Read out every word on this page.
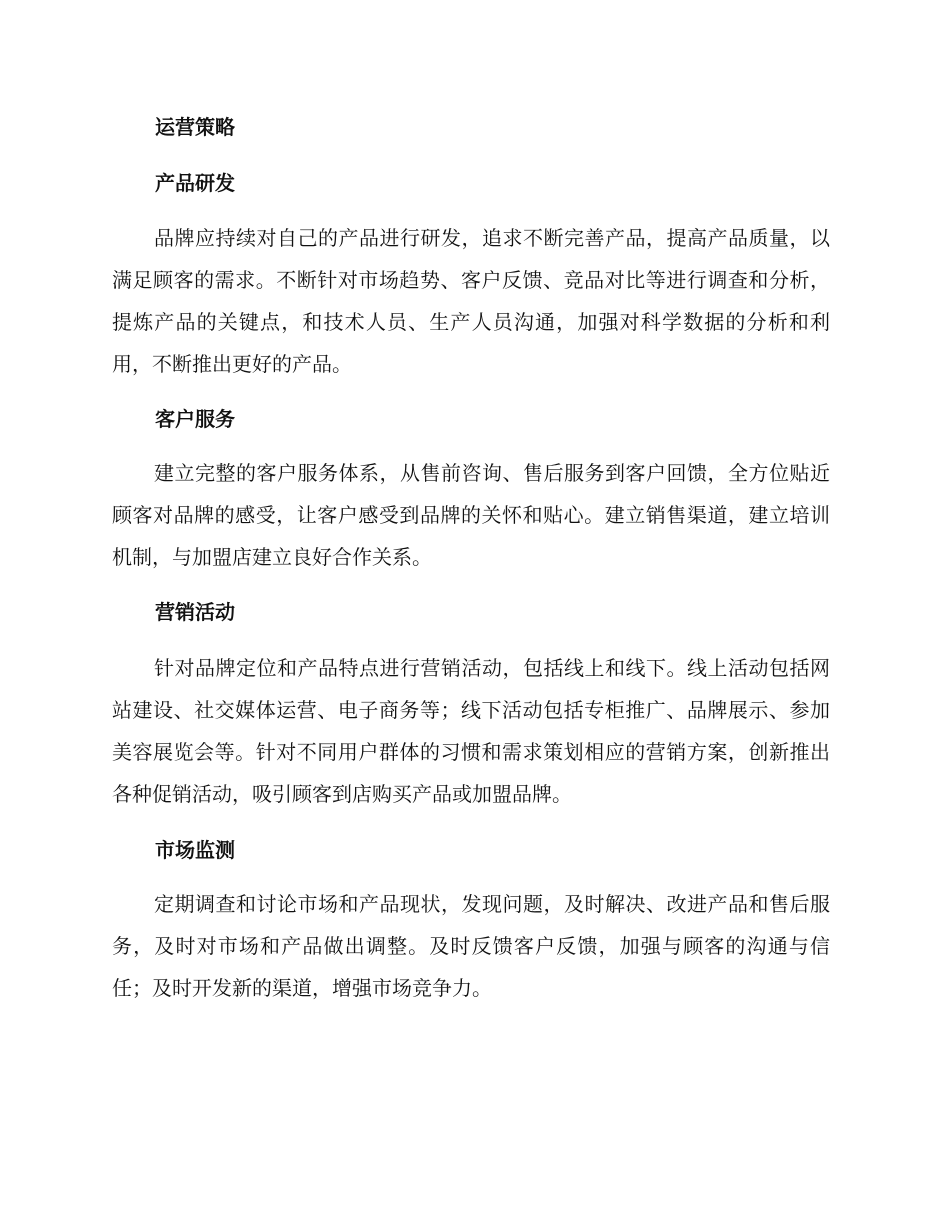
运营策略
产品研发
品牌应持续对自己的产品进行研发，追求不断完善产品，提高产品质量，以满足顾客的需求。不断针对市场趋势、客户反馈、竞品对比等进行调查和分析，提炼产品的关键点，和技术人员、生产人员沟通，加强对科学数据的分析和利用，不断推出更好的产品。
客户服务
建立完整的客户服务体系，从售前咨询、售后服务到客户回馈，全方位贴近顾客对品牌的感受，让客户感受到品牌的关怀和贴心。建立销售渠道，建立培训机制，与加盟店建立良好合作关系。
营销活动
针对品牌定位和产品特点进行营销活动，包括线上和线下。线上活动包括网站建设、社交媒体运营、电子商务等；线下活动包括专柜推广、品牌展示、参加美容展览会等。针对不同用户群体的习惯和需求策划相应的营销方案，创新推出各种促销活动，吸引顾客到店购买产品或加盟品牌。
市场监测
定期调查和讨论市场和产品现状，发现问题，及时解决、改进产品和售后服务，及时对市场和产品做出调整。及时反馈客户反馈，加强与顾客的沟通与信任；及时开发新的渠道，增强市场竞争力。
